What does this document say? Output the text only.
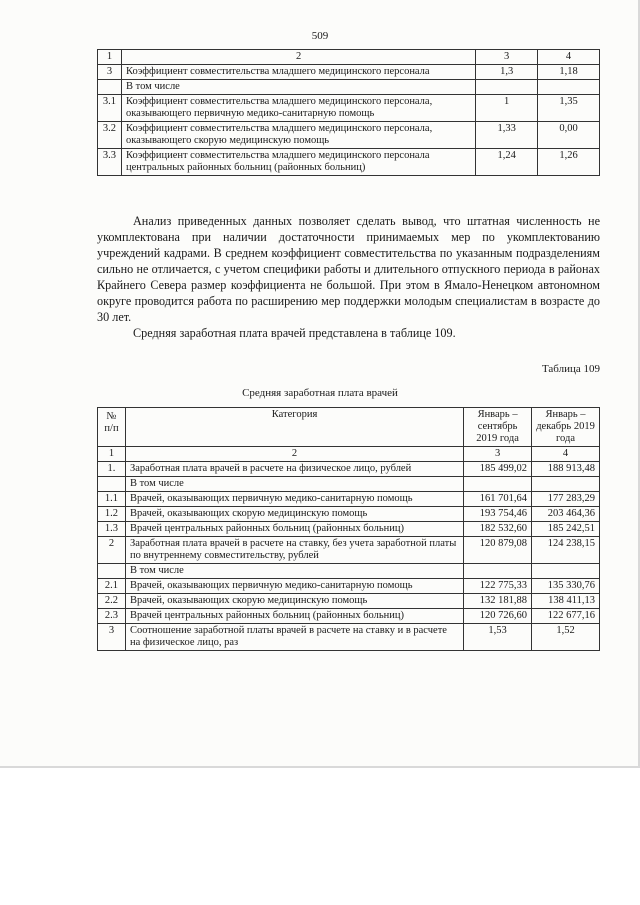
509
1	2	3	4
3	Коэффициент совместительства младшего медицинского персонала	1,3	1,18
	В том числе		
3.1	Коэффициент совместительства младшего медицинского персонала, оказывающего первичную медико-санитарную помощь	1	1,35
3.2	Коэффициент совместительства младшего медицинского персонала, оказывающего скорую медицинскую помощь	1,33	0,00
3.3	Коэффициент совместительства младшего медицинского персонала центральных районных больниц (районных больниц)	1,24	1,26

Анализ приведенных данных позволяет сделать вывод, что штатная численность не укомплектована при наличии достаточности принимаемых мер по укомплектованию учреждений кадрами. В среднем коэффициент совместительства по указанным подразделениям сильно не отличается, с учетом специфики работы и длительного отпускного периода в районах Крайнего Севера размер коэффициента не большой. При этом в Ямало-Ненецком автономном округе проводится работа по расширению мер поддержки молодым специалистам в возрасте до 30 лет.

Средняя заработная плата врачей представлена в таблице 109.

Таблица 109
Средняя заработная плата врачей
№ п/п	Категория	Январь – сентябрь 2019 года	Январь – декабрь 2019 года
1	2	3	4
1.	Заработная плата врачей в расчете на физическое лицо, рублей	185 499,02	188 913,48
	В том числе		
1.1	Врачей, оказывающих первичную медико-санитарную помощь	161 701,64	177 283,29
1.2	Врачей, оказывающих скорую медицинскую помощь	193 754,46	203 464,36
1.3	Врачей центральных районных больниц (районных больниц)	182 532,60	185 242,51
2	Заработная плата врачей в расчете на ставку, без учета заработной платы по внутреннему совместительству, рублей	120 879,08	124 238,15
	В том числе		
2.1	Врачей, оказывающих первичную медико-санитарную помощь	122 775,33	135 330,76
2.2	Врачей, оказывающих скорую медицинскую помощь	132 181,88	138 411,13
2.3	Врачей центральных районных больниц (районных больниц)	120 726,60	122 677,16
3	Соотношение заработной платы врачей в расчете на ставку и в расчете на физическое лицо, раз	1,53	1,52
